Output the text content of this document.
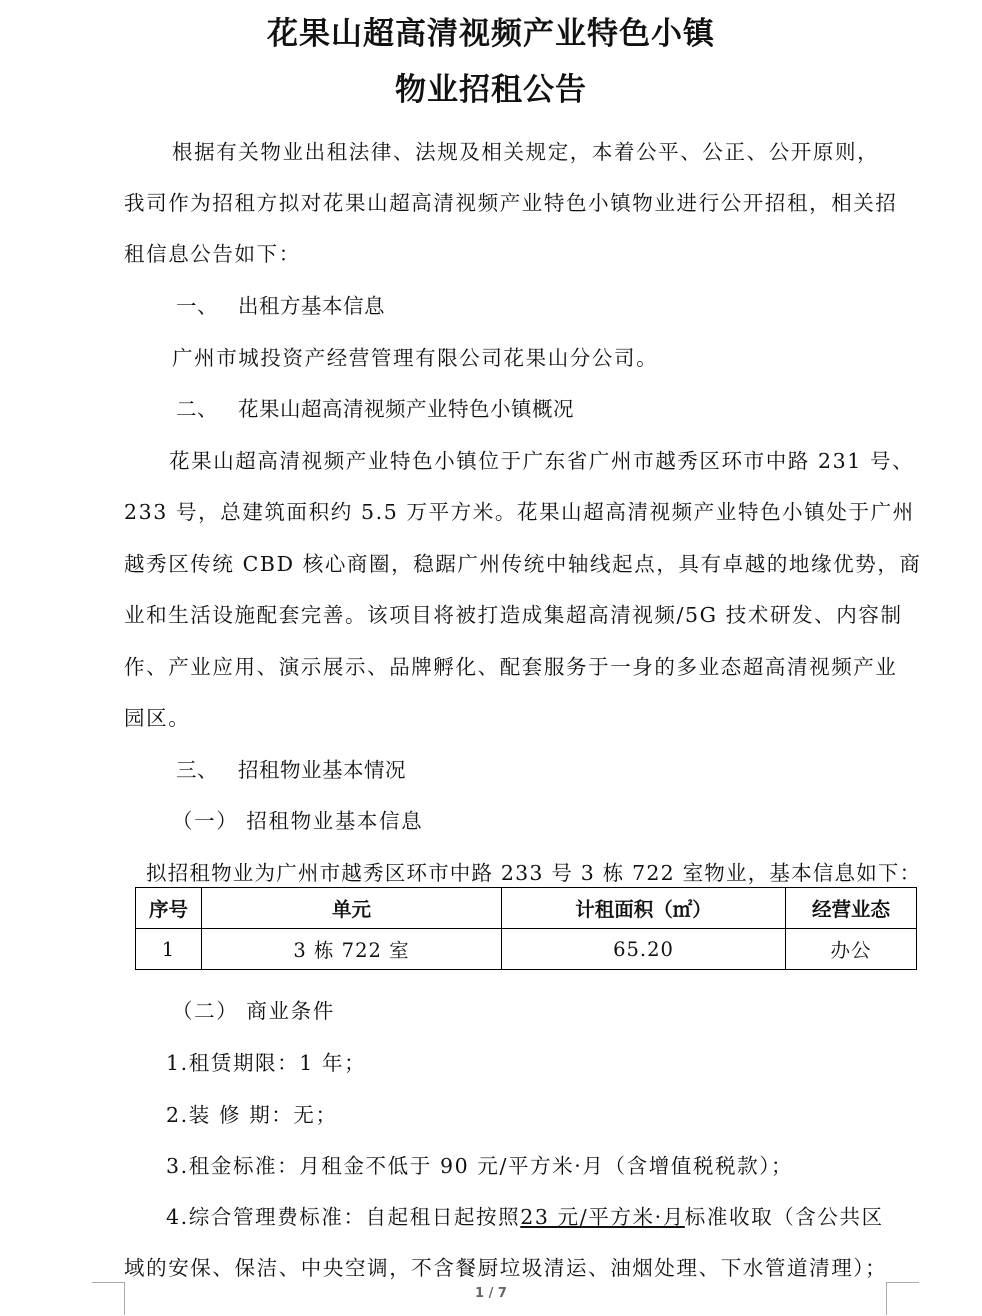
花果山超高清视频产业特色小镇
物业招租公告

根据有关物业出租法律、法规及相关规定，本着公平、公正、公开原则，

我司作为招租方拟对花果山超高清视频产业特色小镇物业进行公开招租，相关招

租信息公告如下：

一、 出租方基本信息

广州市城投资产经营管理有限公司花果山分公司。

二、 花果山超高清视频产业特色小镇概况

花果山超高清视频产业特色小镇位于广东省广州市越秀区环市中路 231 号、

233 号，总建筑面积约 5.5 万平方米。花果山超高清视频产业特色小镇处于广州

越秀区传统 CBD 核心商圈，稳踞广州传统中轴线起点，具有卓越的地缘优势，商

业和生活设施配套完善。该项目将被打造成集超高清视频/5G 技术研发、内容制

作、产业应用、演示展示、品牌孵化、配套服务于一身的多业态超高清视频产业

园区。

三、 招租物业基本情况

（一） 招租物业基本信息

拟招租物业为广州市越秀区环市中路 233 号 3 栋 722 室物业，基本信息如下：

序号	单元	计租面积（㎡）	经营业态
1	3 栋 722 室	65.20	办公

（二） 商业条件

1.租赁期限：1 年；

2.装 修 期：无；

3.租金标准：月租金不低于 90 元/平方米·月（含增值税税款）；

4.综合管理费标准：自起租日起按照23 元/平方米·月标准收取（含公共区

域的安保、保洁、中央空调，不含餐厨垃圾清运、油烟处理、下水管道清理）；

1 / 7
